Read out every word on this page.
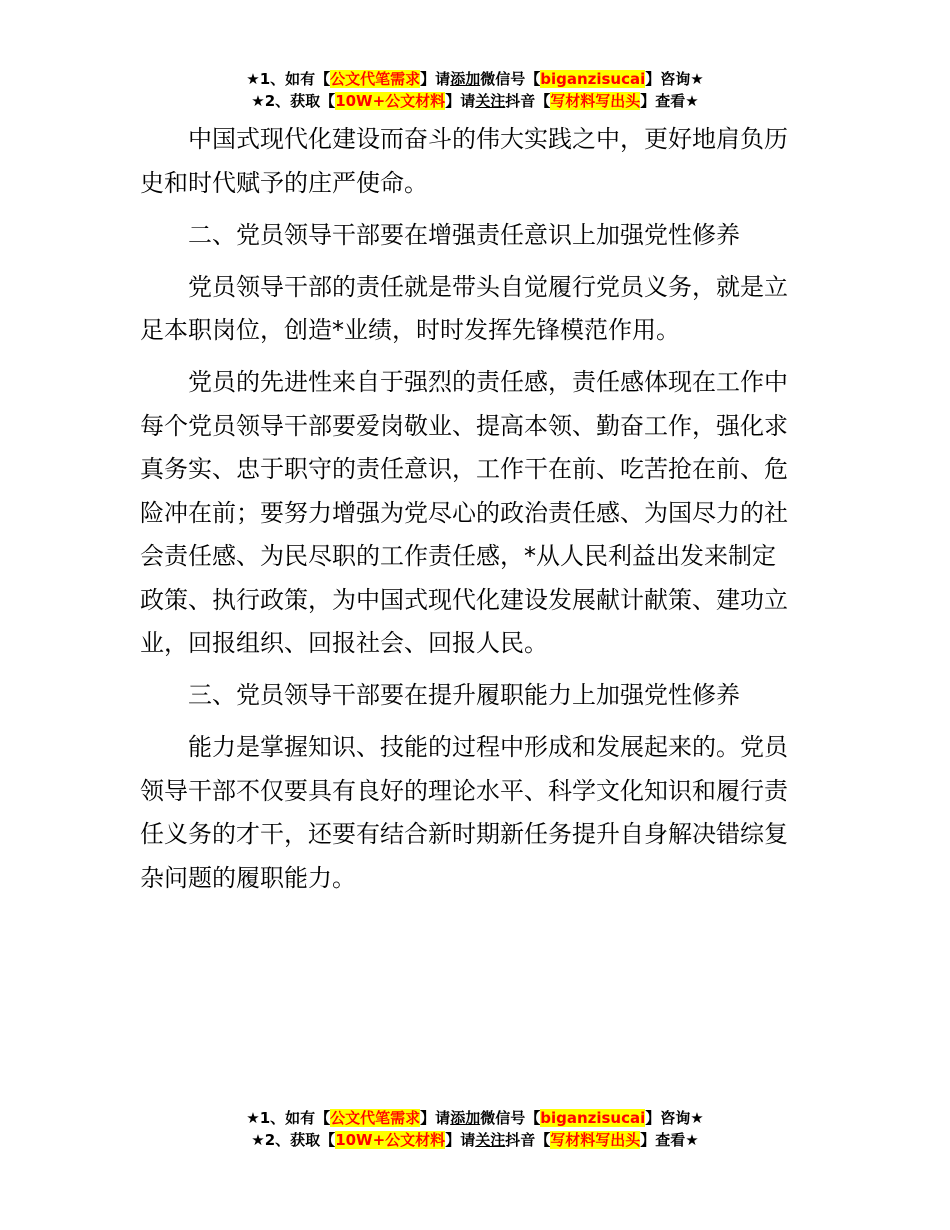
★1、如有【公文代笔需求】请添加微信号【biganzisucai】咨询★
★2、获取【10W+公文材料】请关注抖音【写材料写出头】查看★

中国式现代化建设而奋斗的伟大实践之中，更好地肩负历
史和时代赋予的庄严使命。

二、党员领导干部要在增强责任意识上加强党性修养

党员领导干部的责任就是带头自觉履行党员义务，就是立
足本职岗位，创造*业绩，时时发挥先锋模范作用。

党员的先进性来自于强烈的责任感，责任感体现在工作中
每个党员领导干部要爱岗敬业、提高本领、勤奋工作，强化求
真务实、忠于职守的责任意识，工作干在前、吃苦抢在前、危
险冲在前；要努力增强为党尽心的政治责任感、为国尽力的社
会责任感、为民尽职的工作责任感，*从人民利益出发来制定
政策、执行政策，为中国式现代化建设发展献计献策、建功立
业，回报组织、回报社会、回报人民。

三、党员领导干部要在提升履职能力上加强党性修养

能力是掌握知识、技能的过程中形成和发展起来的。党员
领导干部不仅要具有良好的理论水平、科学文化知识和履行责
任义务的才干，还要有结合新时期新任务提升自身解决错综复
杂问题的履职能力。

★1、如有【公文代笔需求】请添加微信号【biganzisucai】咨询★
★2、获取【10W+公文材料】请关注抖音【写材料写出头】查看★
